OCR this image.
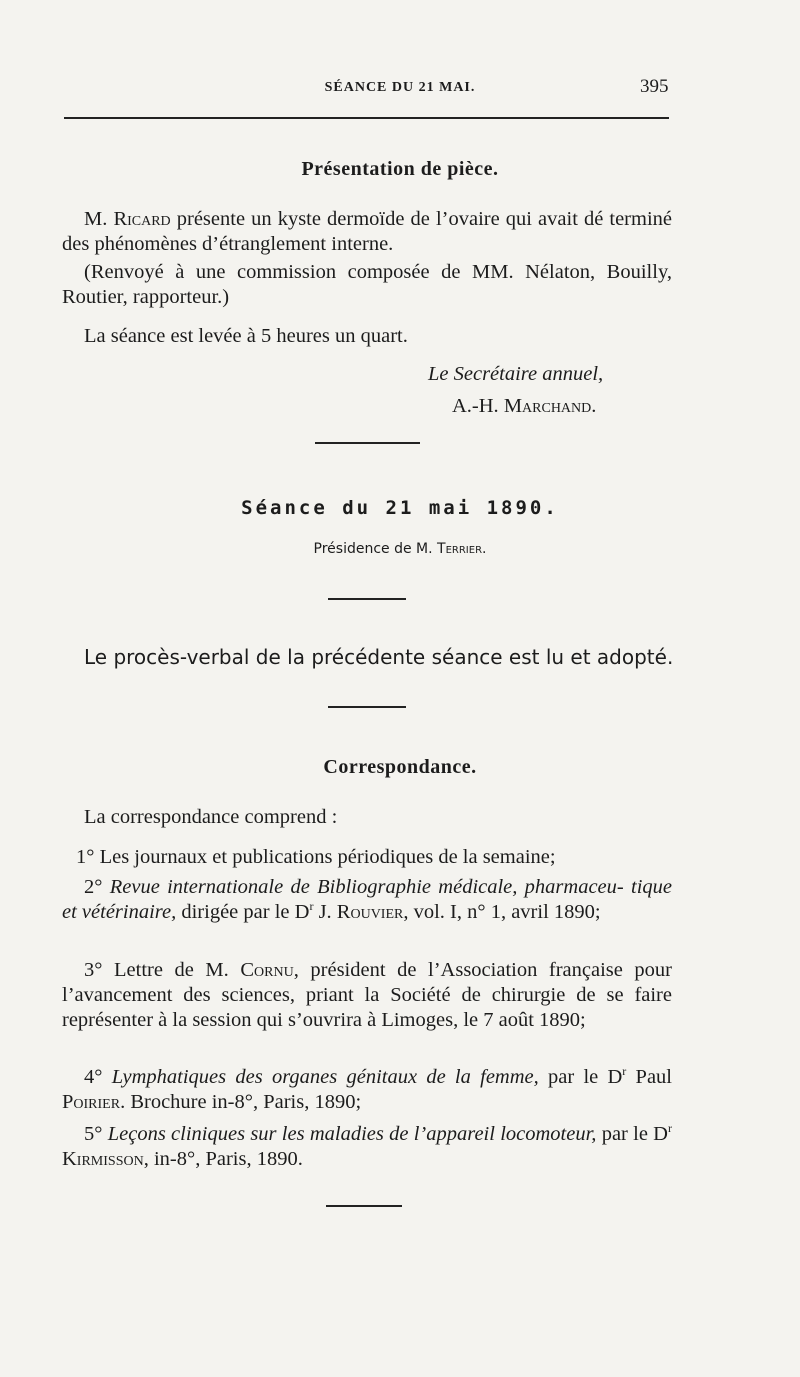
SÉANCE DU 21 MAI.	395
Présentation de pièce.
M. Ricard présente un kyste dermoïde de l’ovaire qui avait dé terminé des phénomènes d’étranglement interne.
(Renvoyé à une commission composée de MM. Nélaton, Bouilly, Routier, rapporteur.)
La séance est levée à 5 heures un quart.
Le Secrétaire annuel,
A.-H. Marchand.
Séance du 21 mai 1890.
Présidence de M. Terrier.
Le procès-verbal de la précédente séance est lu et adopté.
Correspondance.
La correspondance comprend :
1° Les journaux et publications périodiques de la semaine;
2° Revue internationale de Bibliographie médicale, pharmaceu- tique et vétérinaire, dirigée par le $D^r$ J. Rouvier, vol. I, n° 1, avril 1890;
3° Lettre de M. Cornu, président de l’Association française pour l’avancement des sciences, priant la Société de chirurgie de se faire représenter à la session qui s’ouvrira à Limoges, le 7 août 1890;
4° Lymphatiques des organes génitaux de la femme, par le $D^r$ Paul Poirier. Brochure in-8°, Paris, 1890;
5° Leçons cliniques sur les maladies de l’appareil locomoteur, par le $D^r$ Kirmisson, in-8°, Paris, 1890.
